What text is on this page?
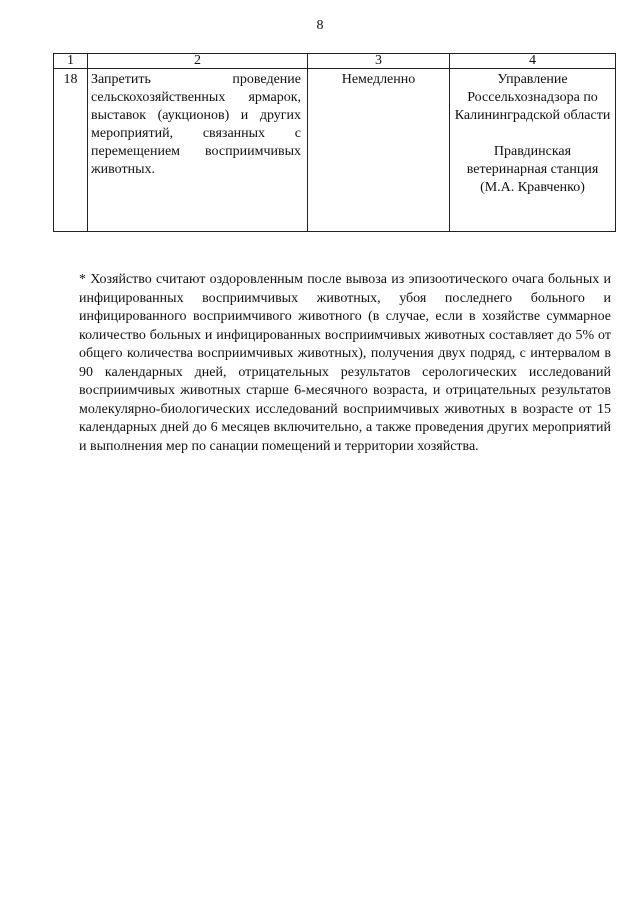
8
1	2	3	4
18	Запретить проведение сельскохозяйственных ярмарок, выставок (аукционов) и других мероприятий, связанных с перемещением восприимчивых животных.	Немедленно	Управление Россельхознадзора по Калининградской области
Правдинская ветеринарная станция (М.А. Кравченко)
* Хозяйство считают оздоровленным после вывоза из эпизоотического очага больных и инфицированных восприимчивых животных, убоя последнего больного и инфицированного восприимчивого животного (в случае, если в хозяйстве суммарное количество больных и инфицированных восприимчивых животных составляет до 5% от общего количества восприимчивых животных), получения двух подряд, с интервалом в 90 календарных дней, отрицательных результатов серологических исследований восприимчивых животных старше 6-месячного возраста, и отрицательных результатов молекулярно-биологических исследований восприимчивых животных в возрасте от 15 календарных дней до 6 месяцев включительно, а также проведения других мероприятий и выполнения мер по санации помещений и территории хозяйства.
